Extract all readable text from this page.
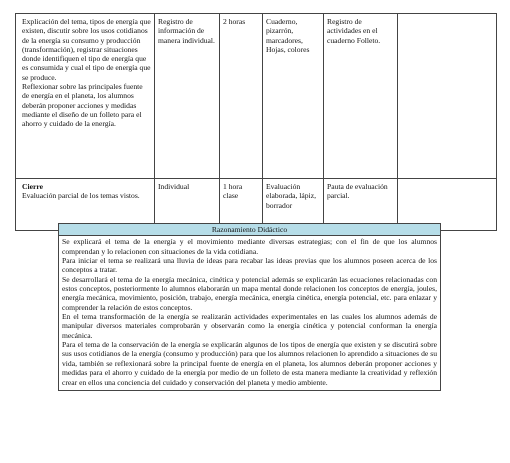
Explicación del tema, tipos de energía que existen, discutir sobre los usos cotidianos de la energía su consumo y producción (transformación), registrar situaciones donde identifiquen el tipo de energía que es consumida y cual el tipo de energía que se produce.
Reflexionar sobre las principales fuente de energía en el planeta, los alumnos deberán proponer acciones y medidas mediante el diseño de un folleto para el ahorro y cuidado de la energía.	Registro de información de manera individual.	2 horas	Cuaderno, pizarrón, marcadores, Hojas, colores	Registro de actividades en el cuaderno Folleto.	

Cierre
Evaluación parcial de los temas vistos.	Individual	1 hora clase	Evaluación elaborada, lápiz, borrador	Pauta de evaluación parcial.	
Razonamiento Didáctico

Se explicará el tema de la energía y el movimiento mediante diversas estrategias; con el fin de que los alumnos comprendan y lo relacionen con situaciones de la vida cotidiana.

Para iniciar el tema se realizará una lluvia de ideas para recabar las ideas previas que los alumnos poseen acerca de los conceptos a tratar.

Se desarrollará el tema de la energía mecánica, cinética y potencial además se explicarán las ecuaciones relacionadas con estos conceptos, posteriormente lo alumnos elaborarán un mapa mental donde relacionen los conceptos de energía, joules, energía mecánica, movimiento, posición, trabajo, energía mecánica, energía cinética, energía potencial, etc. para enlazar y comprender la relación de estos conceptos.

En el tema transformación de la energía se realizarán actividades experimentales en las cuales los alumnos además de manipular diversos materiales comprobarán y observarán como la energía cinética y potencial conforman la energía mecánica.

Para el tema de la conservación de la energía se explicarán algunos de los tipos de energía que existen y se discutirá sobre sus usos cotidianos de la energía (consumo y producción) para que los alumnos relacionen lo aprendido a situaciones de su vida, también se reflexionará sobre la principal fuente de energía en el planeta, los alumnos deberán proponer acciones y medidas para el ahorro y cuidado de la energía por medio de un folleto de esta manera mediante la creatividad y reflexión crear en ellos una conciencia del cuidado y conservación del planeta y medio ambiente.
